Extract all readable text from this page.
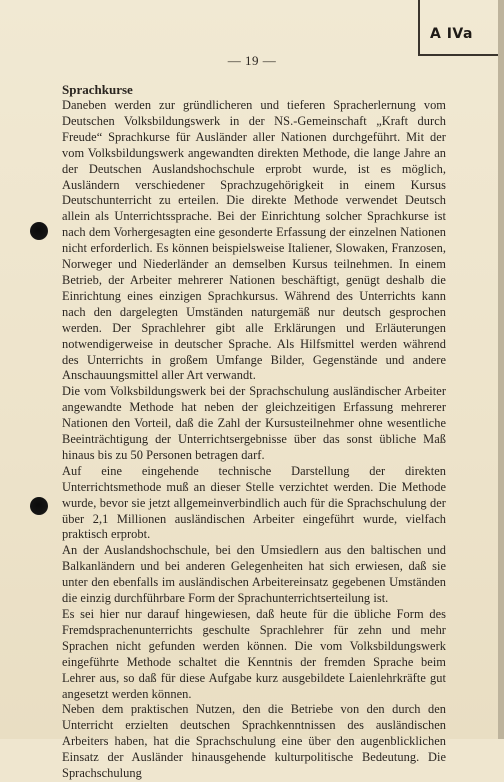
A IVa
— 19 —
Sprachkurse

Daneben werden zur gründlicheren und tieferen Spracherlernung vom Deutschen Volksbildungswerk in der NS.-Gemeinschaft „Kraft durch Freude“ Sprachkurse für Ausländer aller Nationen durchgeführt. Mit der vom Volksbildungswerk angewandten direkten Methode, die lange Jahre an der Deutschen Auslandshochschule erprobt wurde, ist es möglich, Ausländern verschiedener Sprachzugehörigkeit in einem Kursus Deutschunterricht zu erteilen. Die direkte Methode verwendet Deutsch allein als Unterrichtssprache. Bei der Einrichtung solcher Sprachkurse ist nach dem Vorhergesagten eine gesonderte Erfassung der einzelnen Nationen nicht erforderlich. Es können beispielsweise Italiener, Slowaken, Franzosen, Norweger und Niederländer an demselben Kursus teilnehmen. In einem Betrieb, der Arbeiter mehrerer Nationen beschäftigt, genügt deshalb die Einrichtung eines einzigen Sprachkursus. Während des Unterrichts kann nach den dargelegten Umständen naturgemäß nur deutsch gesprochen werden. Der Sprachlehrer gibt alle Erklärungen und Erläuterungen notwendigerweise in deutscher Sprache. Als Hilfsmittel werden während des Unterrichts in großem Umfange Bilder, Gegenstände und andere Anschauungsmittel aller Art verwandt.

Die vom Volksbildungswerk bei der Sprachschulung ausländischer Arbeiter angewandte Methode hat neben der gleichzeitigen Erfassung mehrerer Nationen den Vorteil, daß die Zahl der Kursusteilnehmer ohne wesentliche Beeinträchtigung der Unterrichtsergebnisse über das sonst übliche Maß hinaus bis zu 50 Personen betragen darf.

Auf eine eingehende technische Darstellung der direkten Unterrichtsmethode muß an dieser Stelle verzichtet werden. Die Methode wurde, bevor sie jetzt allgemeinverbindlich auch für die Sprachschulung der über 2,1 Millionen ausländischen Arbeiter eingeführt wurde, vielfach praktisch erprobt.

An der Auslandshochschule, bei den Umsiedlern aus den baltischen und Balkanländern und bei anderen Gelegenheiten hat sich erwiesen, daß sie unter den ebenfalls im ausländischen Arbeitereinsatz gegebenen Umständen die einzig durchführbare Form der Sprachunterrichtserteilung ist.

Es sei hier nur darauf hingewiesen, daß heute für die übliche Form des Fremdsprachenunterrichts geschulte Sprachlehrer für zehn und mehr Sprachen nicht gefunden werden können. Die vom Volksbildungswerk eingeführte Methode schaltet die Kenntnis der fremden Sprache beim Lehrer aus, so daß für diese Aufgabe kurz ausgebildete Laienlehrkräfte gut angesetzt werden können.

Neben dem praktischen Nutzen, den die Betriebe von den durch den Unterricht erzielten deutschen Sprachkenntnissen des ausländischen Arbeiters haben, hat die Sprachschulung eine über den augenblicklichen Einsatz der Ausländer hinausgehende kulturpolitische Bedeutung. Die Sprachschulung
